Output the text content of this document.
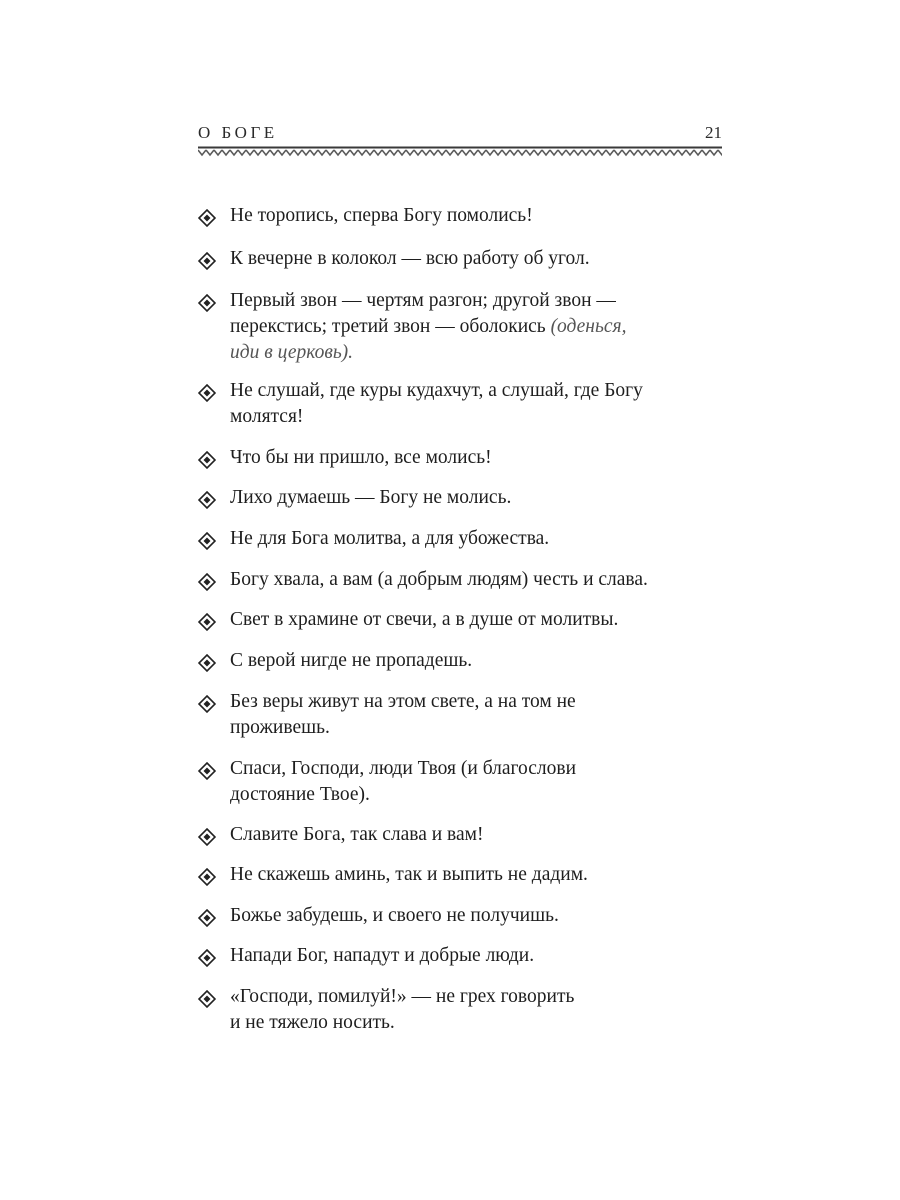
О БОГЕ	21
Не торопись, сперва Богу помолись!
К вечерне в колокол — всю работу об угол.
Первый звон — чертям разгон; другой звон —
перекстись; третий звон — оболокись (оденься,
иди в церковь).
Не слушай, где куры кудахчут, а слушай, где Богу
молятся!
Что бы ни пришло, все молись!
Лихо думаешь — Богу не молись.
Не для Бога молитва, а для убожества.
Богу хвала, а вам (а добрым людям) честь и слава.
Свет в храмине от свечи, а в душе от молитвы.
С верой нигде не пропадешь.
Без веры живут на этом свете, а на том не
проживешь.
Спаси, Господи, люди Твоя (и благослови
достояние Твое).
Славите Бога, так слава и вам!
Не скажешь аминь, так и выпить не дадим.
Божье забудешь, и своего не получишь.
Напади Бог, нападут и добрые люди.
«Господи, помилуй!» — не грех говорить
и не тяжело носить.
